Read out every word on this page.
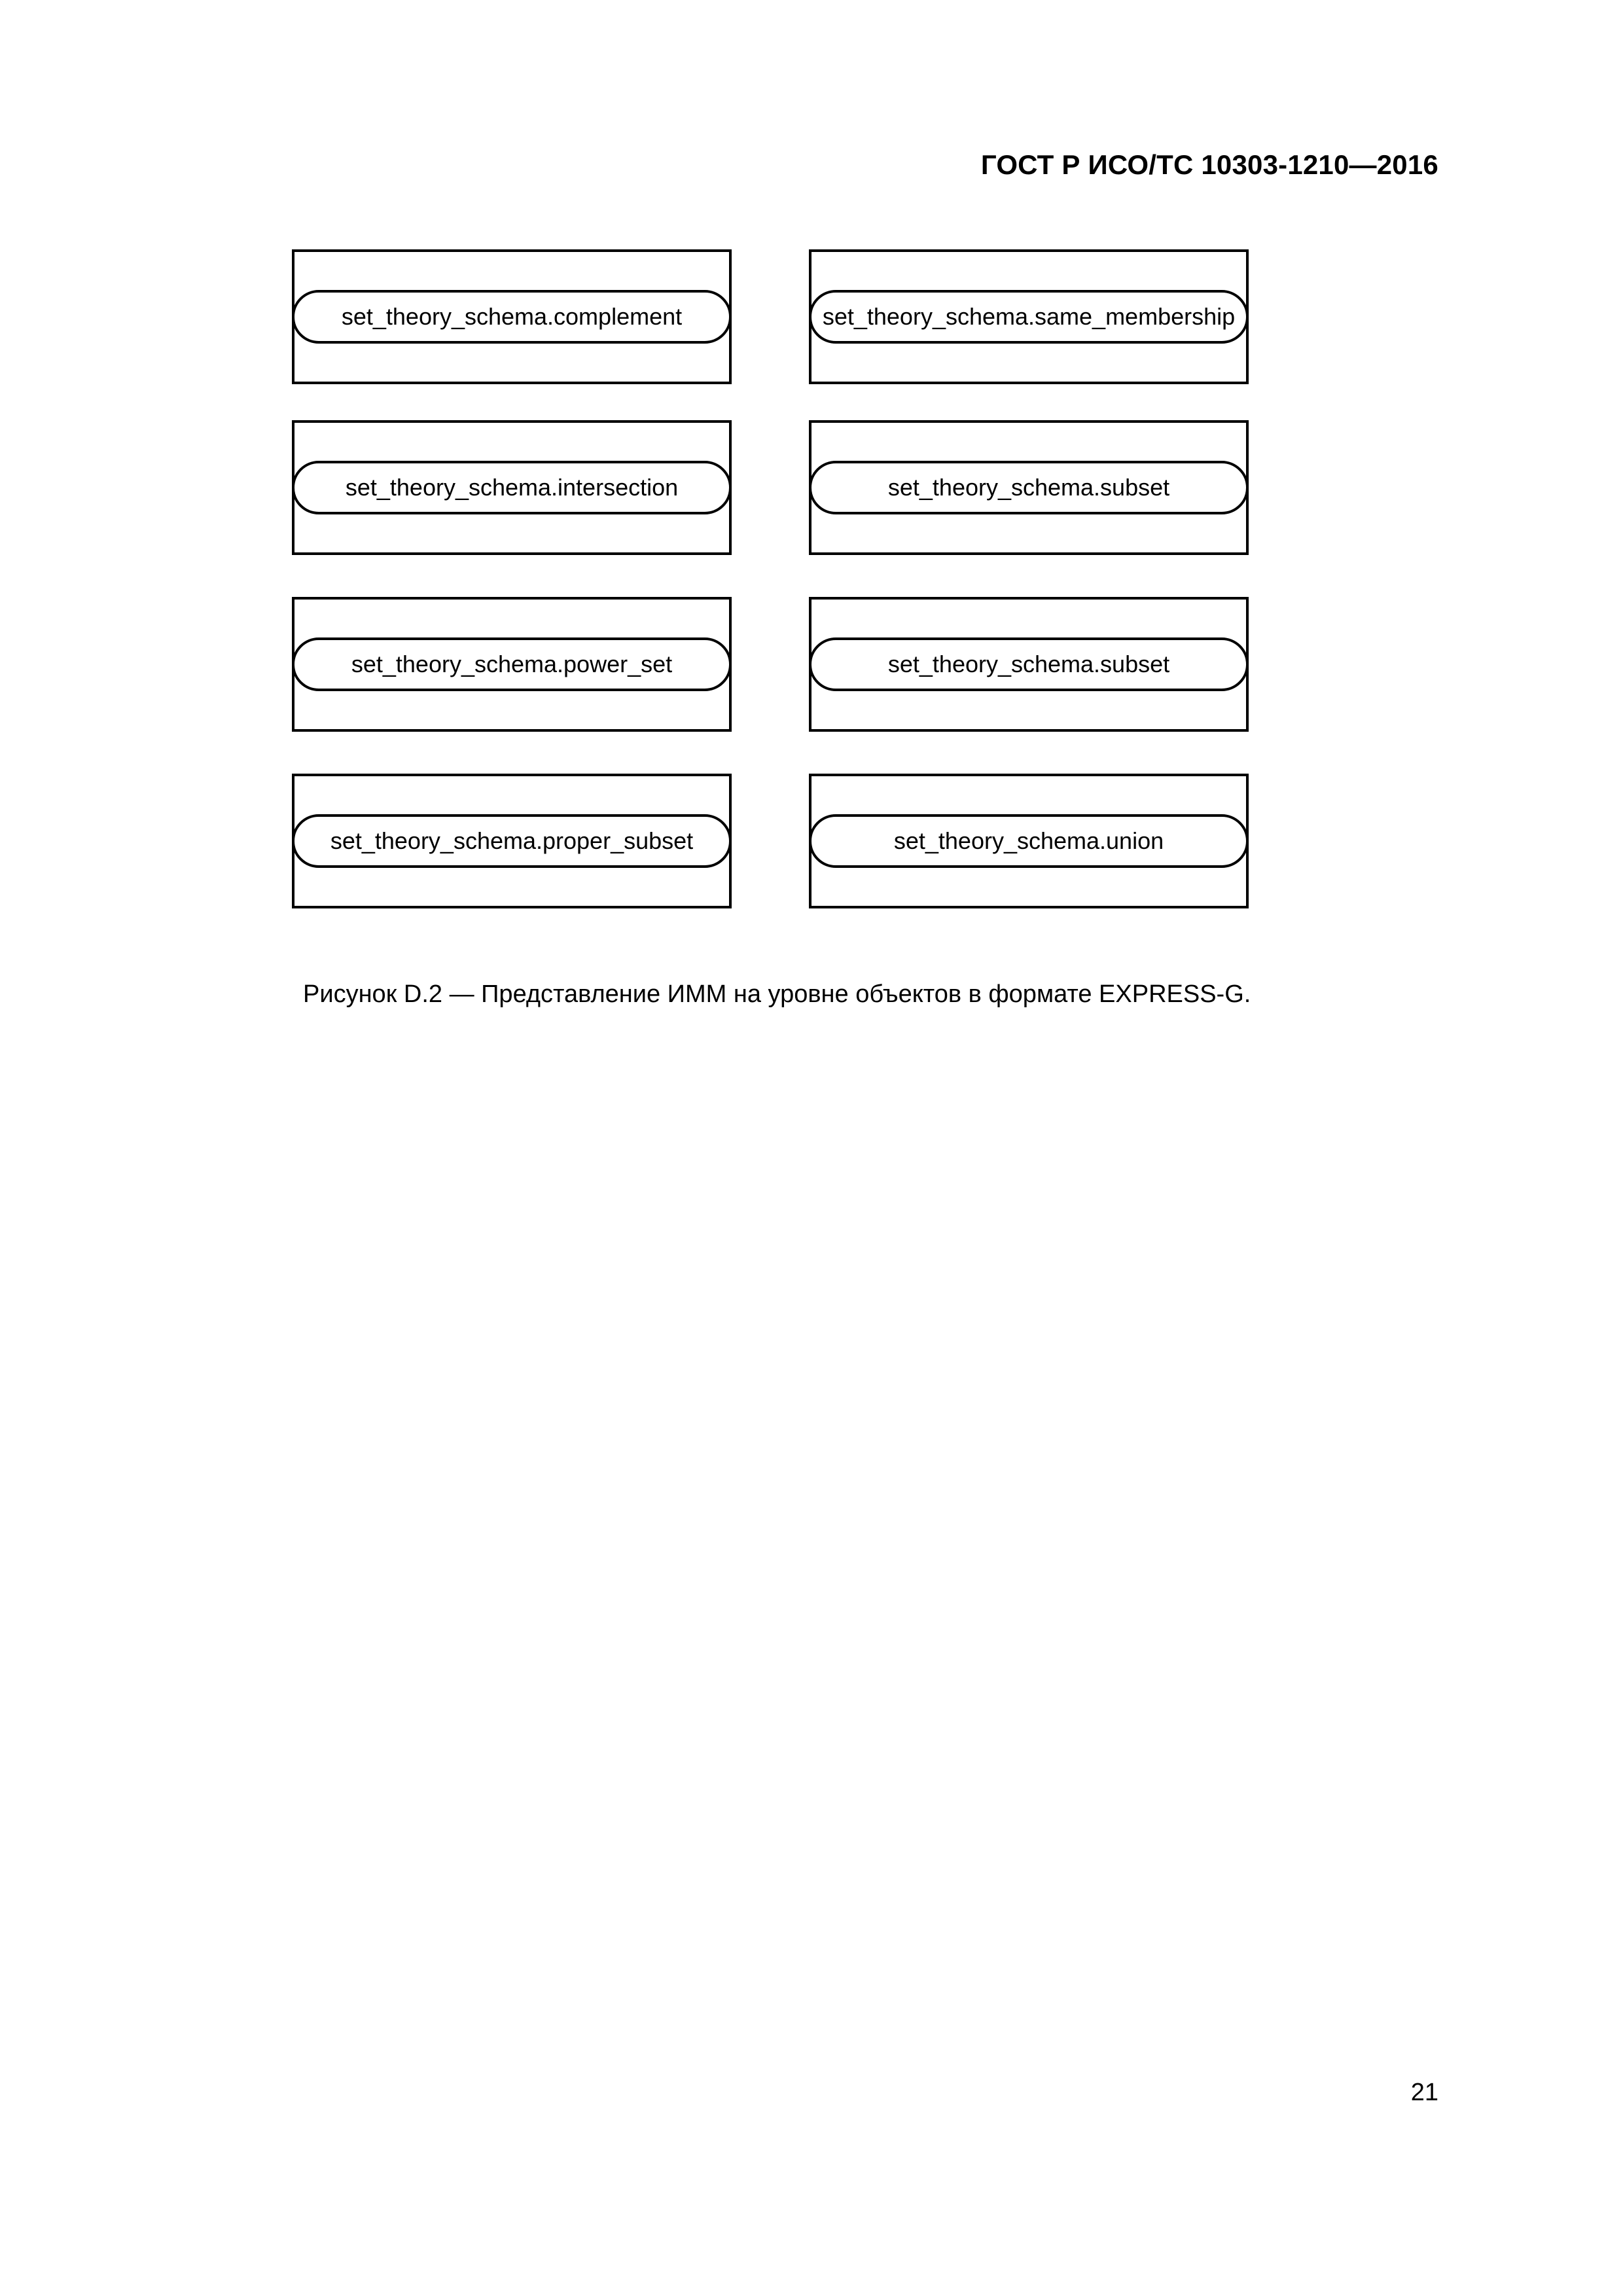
ГОСТ Р ИСО/ТС 10303-1210—2016
set_theory_schema.complement	set_theory_schema.same_membership
set_theory_schema.intersection	set_theory_schema.subset
set_theory_schema.power_set	set_theory_schema.subset
set_theory_schema.proper_subset	set_theory_schema.union
Рисунок D.2 — Представление ИММ на уровне объектов в формате EXPRESS-G.
21
